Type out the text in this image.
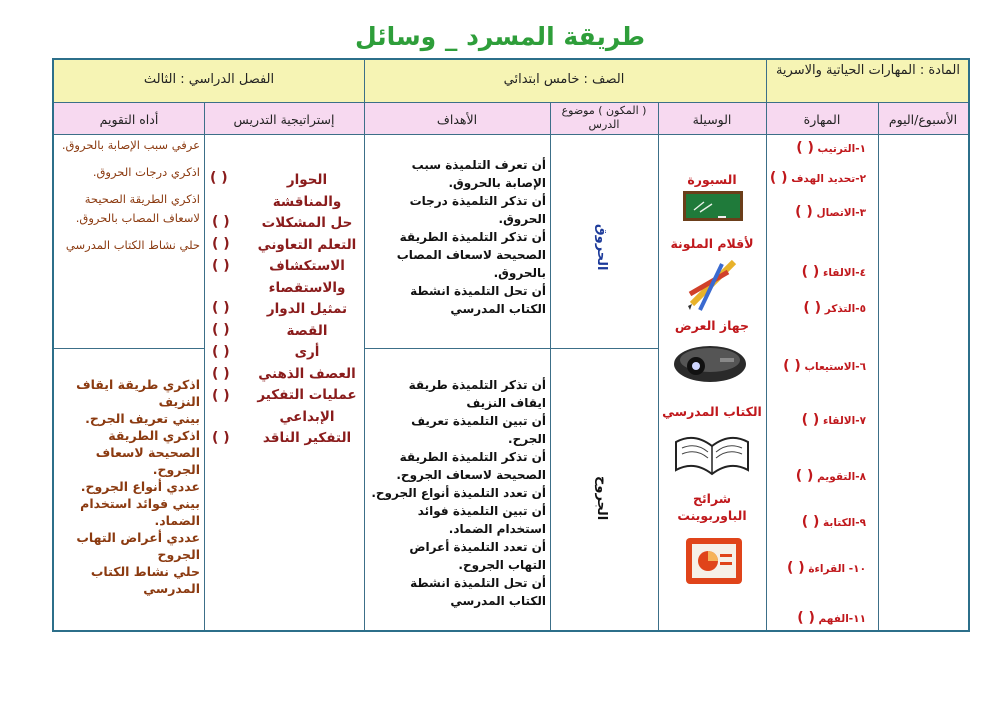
طريقة المسرد _ وسائل
المادة : المهارات الحياتية والاسرية
الصف : خامس ابتدائي
الفصل الدراسي : الثالث
الأسبوع/اليوم
المهارة
الوسيلة
( المكون ) موضوع الدرس
الأهداف
إستراتيجية التدريس
أداه التقويم
١-الترتيب ( )
٢-تحديد الهدف ( )
٣-الاتصال ( )
٤-الالقاء ( )
٥-التذكر ( )
٦-الاستيعاب ( )
٧-الالقاء ( )
٨-التقويم ( )
٩-الكتابة ( )
١٠- القراءة ( )
١١-الفهم ( )
السبورة
لأقلام الملونة
جهاز العرض
الكتاب المدرسي
شرائح الباوربوينت
الحروق
الجروح
أن تعرف التلميذة سبب الإصابة بالحروق.
أن تذكر التلميذة درجات الحروق.
أن تذكر التلميذة الطريقة الصحيحة لاسعاف المصاب بالحروق.
أن تحل التلميذة انشطة الكتاب المدرسي
أن تذكر التلميذة طريقة ايقاف النزيف
أن تبين التلميذة تعريف الجرح.
أن تذكر التلميذة الطريقة الصحيحة لاسعاف الجروح.
أن تعدد التلميذة أنواع الجروح.
أن تبين التلميذة فوائد استخدام الضماد.
أن تعدد التلميذة أعراض التهاب الجروح.
أن تحل التلميذة انشطة الكتاب المدرسي
الحوار
والمناقشة
حل المشكلات
التعلم التعاوني
الاستكشاف
والاستقصاء
تمثيل الدوار
القصة
أرى
العصف الذهني
عمليات التفكير
الإبداعي
التفكير الناقد
( )
( )
( )
( )
( )
( )
( )
( )
( )
( )
عرفي سبب الإصابة بالحروق.
اذكري درجات الحروق.
اذكري الطريقة الصحيحة لاسعاف المصاب بالحروق.
حلي نشاط الكتاب المدرسي
اذكري طريقة ايقاف النزيف
بيني تعريف الجرح.
اذكري الطريقة الصحيحة لاسعاف الجروح.
عددي أنواع الجروح.
بيني فوائد استخدام الضماد.
عددي أعراض التهاب الجروح
حلي نشاط الكتاب المدرسي
